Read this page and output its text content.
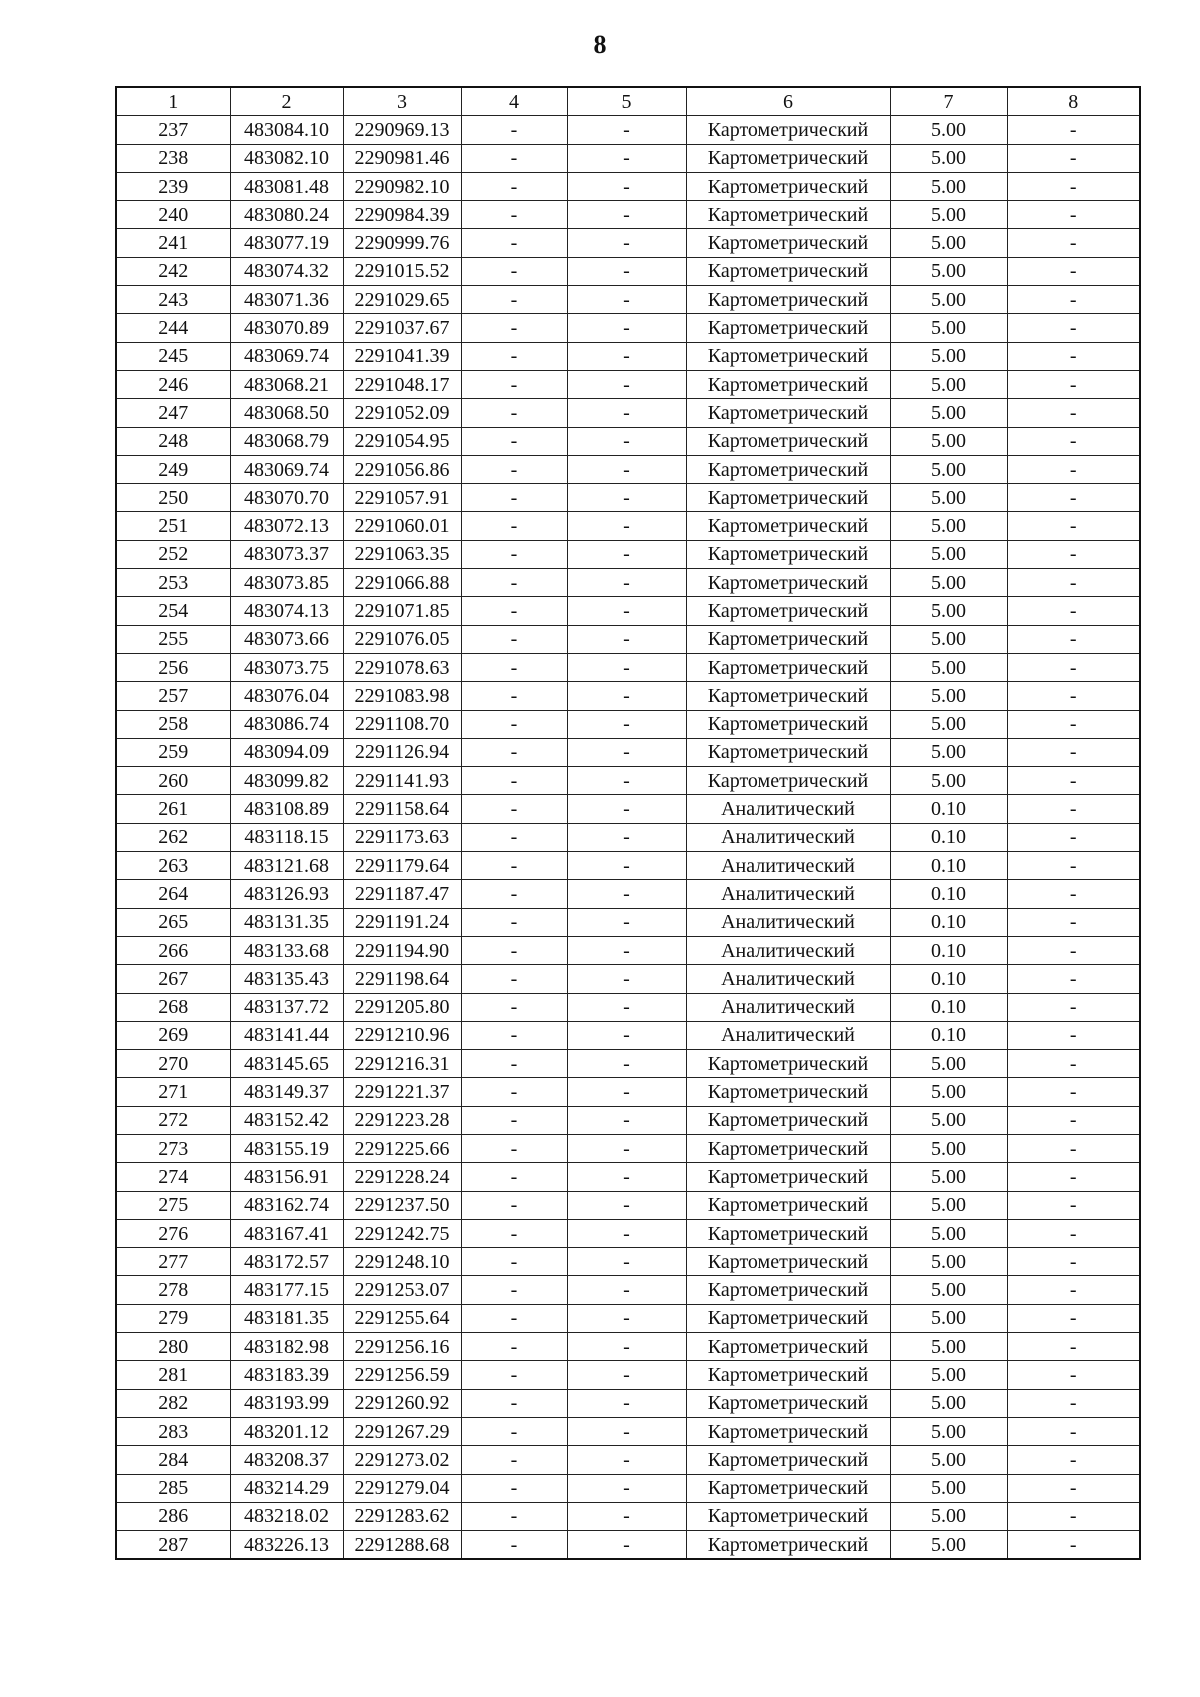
8
1	2	3	4	5	6	7	8
237	483084.10	2290969.13	-	-	Картометрический	5.00	-
238	483082.10	2290981.46	-	-	Картометрический	5.00	-
239	483081.48	2290982.10	-	-	Картометрический	5.00	-
240	483080.24	2290984.39	-	-	Картометрический	5.00	-
241	483077.19	2290999.76	-	-	Картометрический	5.00	-
242	483074.32	2291015.52	-	-	Картометрический	5.00	-
243	483071.36	2291029.65	-	-	Картометрический	5.00	-
244	483070.89	2291037.67	-	-	Картометрический	5.00	-
245	483069.74	2291041.39	-	-	Картометрический	5.00	-
246	483068.21	2291048.17	-	-	Картометрический	5.00	-
247	483068.50	2291052.09	-	-	Картометрический	5.00	-
248	483068.79	2291054.95	-	-	Картометрический	5.00	-
249	483069.74	2291056.86	-	-	Картометрический	5.00	-
250	483070.70	2291057.91	-	-	Картометрический	5.00	-
251	483072.13	2291060.01	-	-	Картометрический	5.00	-
252	483073.37	2291063.35	-	-	Картометрический	5.00	-
253	483073.85	2291066.88	-	-	Картометрический	5.00	-
254	483074.13	2291071.85	-	-	Картометрический	5.00	-
255	483073.66	2291076.05	-	-	Картометрический	5.00	-
256	483073.75	2291078.63	-	-	Картометрический	5.00	-
257	483076.04	2291083.98	-	-	Картометрический	5.00	-
258	483086.74	2291108.70	-	-	Картометрический	5.00	-
259	483094.09	2291126.94	-	-	Картометрический	5.00	-
260	483099.82	2291141.93	-	-	Картометрический	5.00	-
261	483108.89	2291158.64	-	-	Аналитический	0.10	-
262	483118.15	2291173.63	-	-	Аналитический	0.10	-
263	483121.68	2291179.64	-	-	Аналитический	0.10	-
264	483126.93	2291187.47	-	-	Аналитический	0.10	-
265	483131.35	2291191.24	-	-	Аналитический	0.10	-
266	483133.68	2291194.90	-	-	Аналитический	0.10	-
267	483135.43	2291198.64	-	-	Аналитический	0.10	-
268	483137.72	2291205.80	-	-	Аналитический	0.10	-
269	483141.44	2291210.96	-	-	Аналитический	0.10	-
270	483145.65	2291216.31	-	-	Картометрический	5.00	-
271	483149.37	2291221.37	-	-	Картометрический	5.00	-
272	483152.42	2291223.28	-	-	Картометрический	5.00	-
273	483155.19	2291225.66	-	-	Картометрический	5.00	-
274	483156.91	2291228.24	-	-	Картометрический	5.00	-
275	483162.74	2291237.50	-	-	Картометрический	5.00	-
276	483167.41	2291242.75	-	-	Картометрический	5.00	-
277	483172.57	2291248.10	-	-	Картометрический	5.00	-
278	483177.15	2291253.07	-	-	Картометрический	5.00	-
279	483181.35	2291255.64	-	-	Картометрический	5.00	-
280	483182.98	2291256.16	-	-	Картометрический	5.00	-
281	483183.39	2291256.59	-	-	Картометрический	5.00	-
282	483193.99	2291260.92	-	-	Картометрический	5.00	-
283	483201.12	2291267.29	-	-	Картометрический	5.00	-
284	483208.37	2291273.02	-	-	Картометрический	5.00	-
285	483214.29	2291279.04	-	-	Картометрический	5.00	-
286	483218.02	2291283.62	-	-	Картометрический	5.00	-
287	483226.13	2291288.68	-	-	Картометрический	5.00	-
